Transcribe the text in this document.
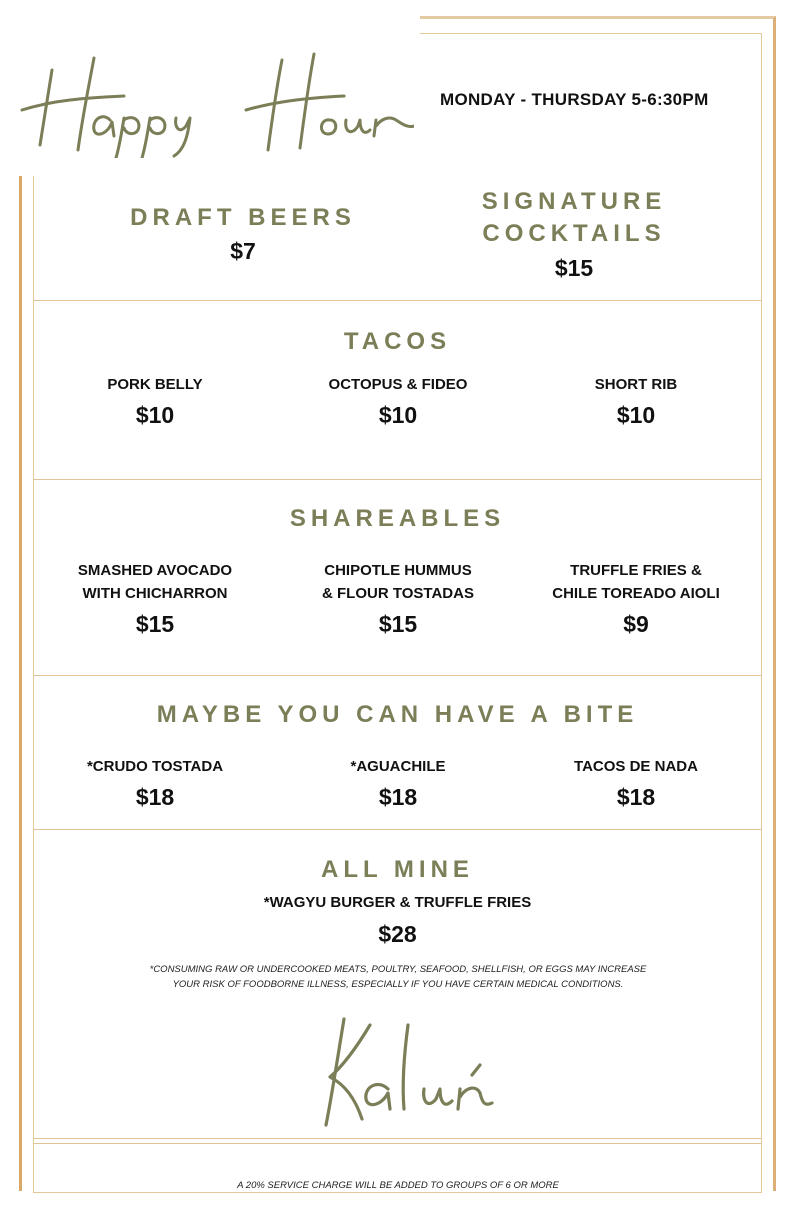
MONDAY - THURSDAY 5-6:30PM
DRAFT BEERS
$7
SIGNATURE
COCKTAILS
$15
TACOS
PORK BELLY
$10
OCTOPUS & FIDEO
$10
SHORT RIB
$10
SHAREABLES
SMASHED AVOCADO
WITH CHICHARRON
$15
CHIPOTLE HUMMUS
& FLOUR TOSTADAS
$15
TRUFFLE FRIES &
CHILE TOREADO AIOLI
$9
MAYBE YOU CAN HAVE A BITE
*CRUDO TOSTADA
$18
*AGUACHILE
$18
TACOS DE NADA
$18
ALL MINE
*WAGYU BURGER & TRUFFLE FRIES
$28
*CONSUMING RAW OR UNDERCOOKED MEATS, POULTRY, SEAFOOD, SHELLFISH, OR EGGS MAY INCREASE
YOUR RISK OF FOODBORNE ILLNESS, ESPECIALLY IF YOU HAVE CERTAIN MEDICAL CONDITIONS.
A 20% SERVICE CHARGE WILL BE ADDED TO GROUPS OF 6 OR MORE
